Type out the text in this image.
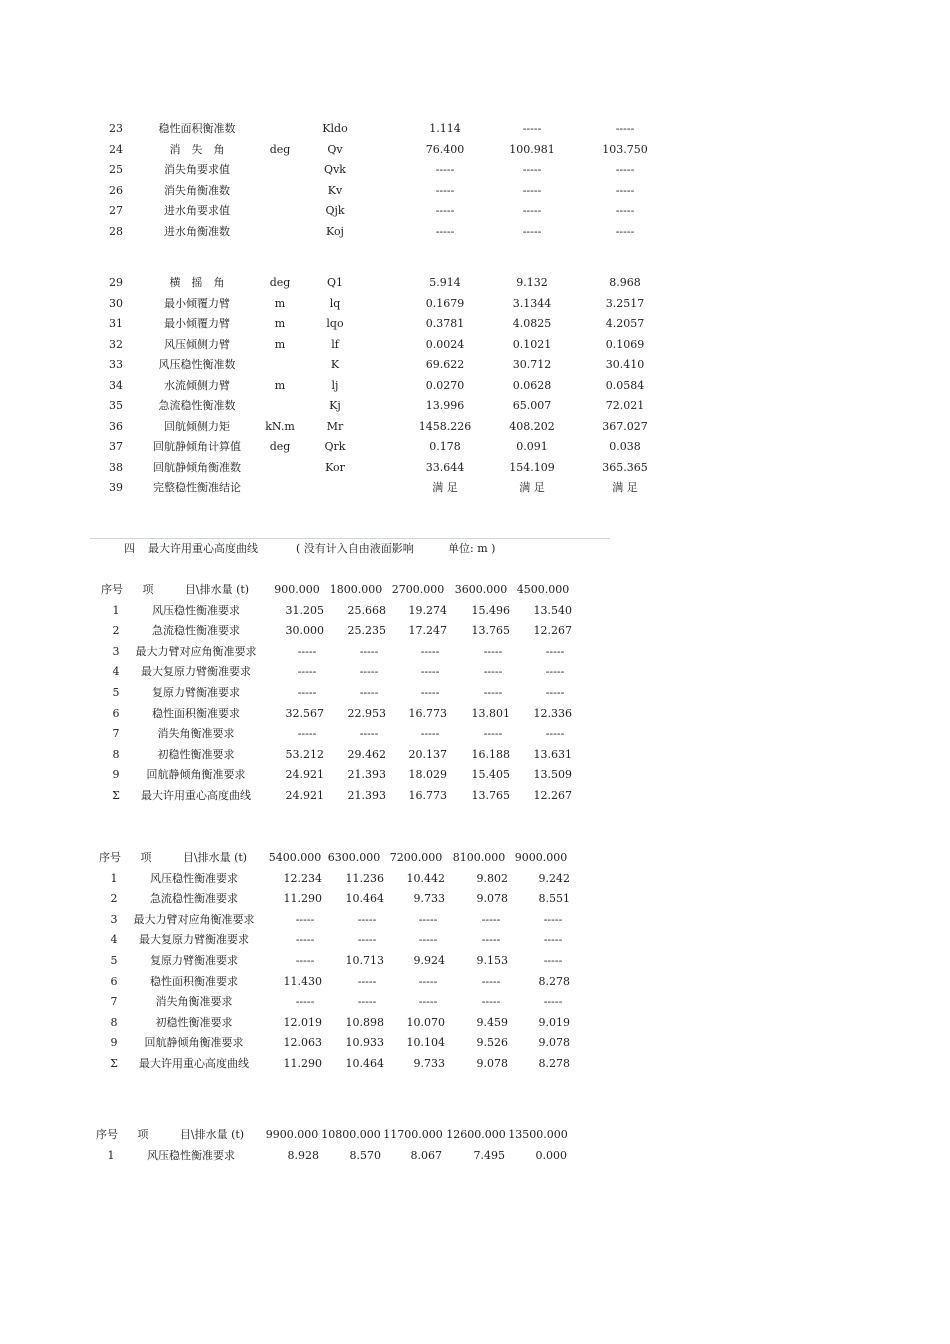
23	稳性面积衡准数	Kldo	1.114	-----	-----
24	消　失　角	deg	Qv	76.400	100.981	103.750
25	消失角要求值	Qvk	-----	-----	-----
26	消失角衡准数	Kv	-----	-----	-----
27	进水角要求值	Qjk	-----	-----	-----
28	进水角衡准数	Koj	-----	-----	-----
29	横　摇　角	deg	Q1	5.914	9.132	8.968
30	最小倾覆力臂	m	lq	0.1679	3.1344	3.2517
31	最小倾覆力臂	m	lqo	0.3781	4.0825	4.2057
32	风压倾侧力臂	m	lf	0.0024	0.1021	0.1069
33	风压稳性衡准数	K	69.622	30.712	30.410
34	水流倾侧力臂	m	lj	0.0270	0.0628	0.0584
35	急流稳性衡准数	Kj	13.996	65.007	72.021
36	回航倾侧力矩	kN.m	Mr	1458.226	408.202	367.027
37	回航静倾角计算值	deg	Qrk	0.178	0.091	0.038
38	回航静倾角衡准数	Kor	33.644	154.109	365.365
39	完整稳性衡准结论	满 足	满 足	满 足
序号 项	目\排水量 (t) 900.000 1800.000 2700.000 3600.000 4500.000
1	风压稳性衡准要求	31.205 25.668 19.274 15.496 13.540
2	急流稳性衡准要求	30.000 25.235 17.247 13.765 12.267
3 最大力臂对应角衡准要求	-----	-----	-----	-----	-----
4 最大复原力臂衡准要求	-----	-----	-----	-----	-----
5	复原力臂衡准要求	-----	-----	-----	-----	-----
6	稳性面积衡准要求	32.567 22.953 16.773 13.801 12.336
7	消失角衡准要求	-----	-----	-----	-----	-----
8	初稳性衡准要求	53.212 29.462 20.137 16.188 13.631
9 回航静倾角衡准要求	24.921 21.393 18.029 15.405 13.509
Σ 最大许用重心高度曲线	24.921 21.393 16.773 13.765 12.267
序号 项	目\排水量 (t) 5400.000 6300.000 7200.000 8100.000 9000.000
1	风压稳性衡准要求	12.234 11.236 10.442	9.802	9.242
2	急流稳性衡准要求	11.290 10.464	9.733	9.078	8.551
3 最大力臂对应角衡准要求	-----	-----	-----	-----	-----
4 最大复原力臂衡准要求	-----	-----	-----	-----	-----
5	复原力臂衡准要求	-----	10.713	9.924	9.153	-----
6	稳性面积衡准要求	11.430	-----	-----	-----	8.278
7	消失角衡准要求	-----	-----	-----	-----	-----
8	初稳性衡准要求	12.019 10.898 10.070	9.459	9.019
9 回航静倾角衡准要求	12.063 10.933 10.104	9.526	9.078
Σ 最大许用重心高度曲线	11.290 10.464	9.733	9.078	8.278
序号 项	目\排水量 (t) 9900.000 10800.000 11700.000 12600.000 13500.000
1	风压稳性衡准要求	8.928	8.570	8.067	7.495	0.000
四 最大许用重心高度曲线	( 没有计入自由液面影响	单位: m )
